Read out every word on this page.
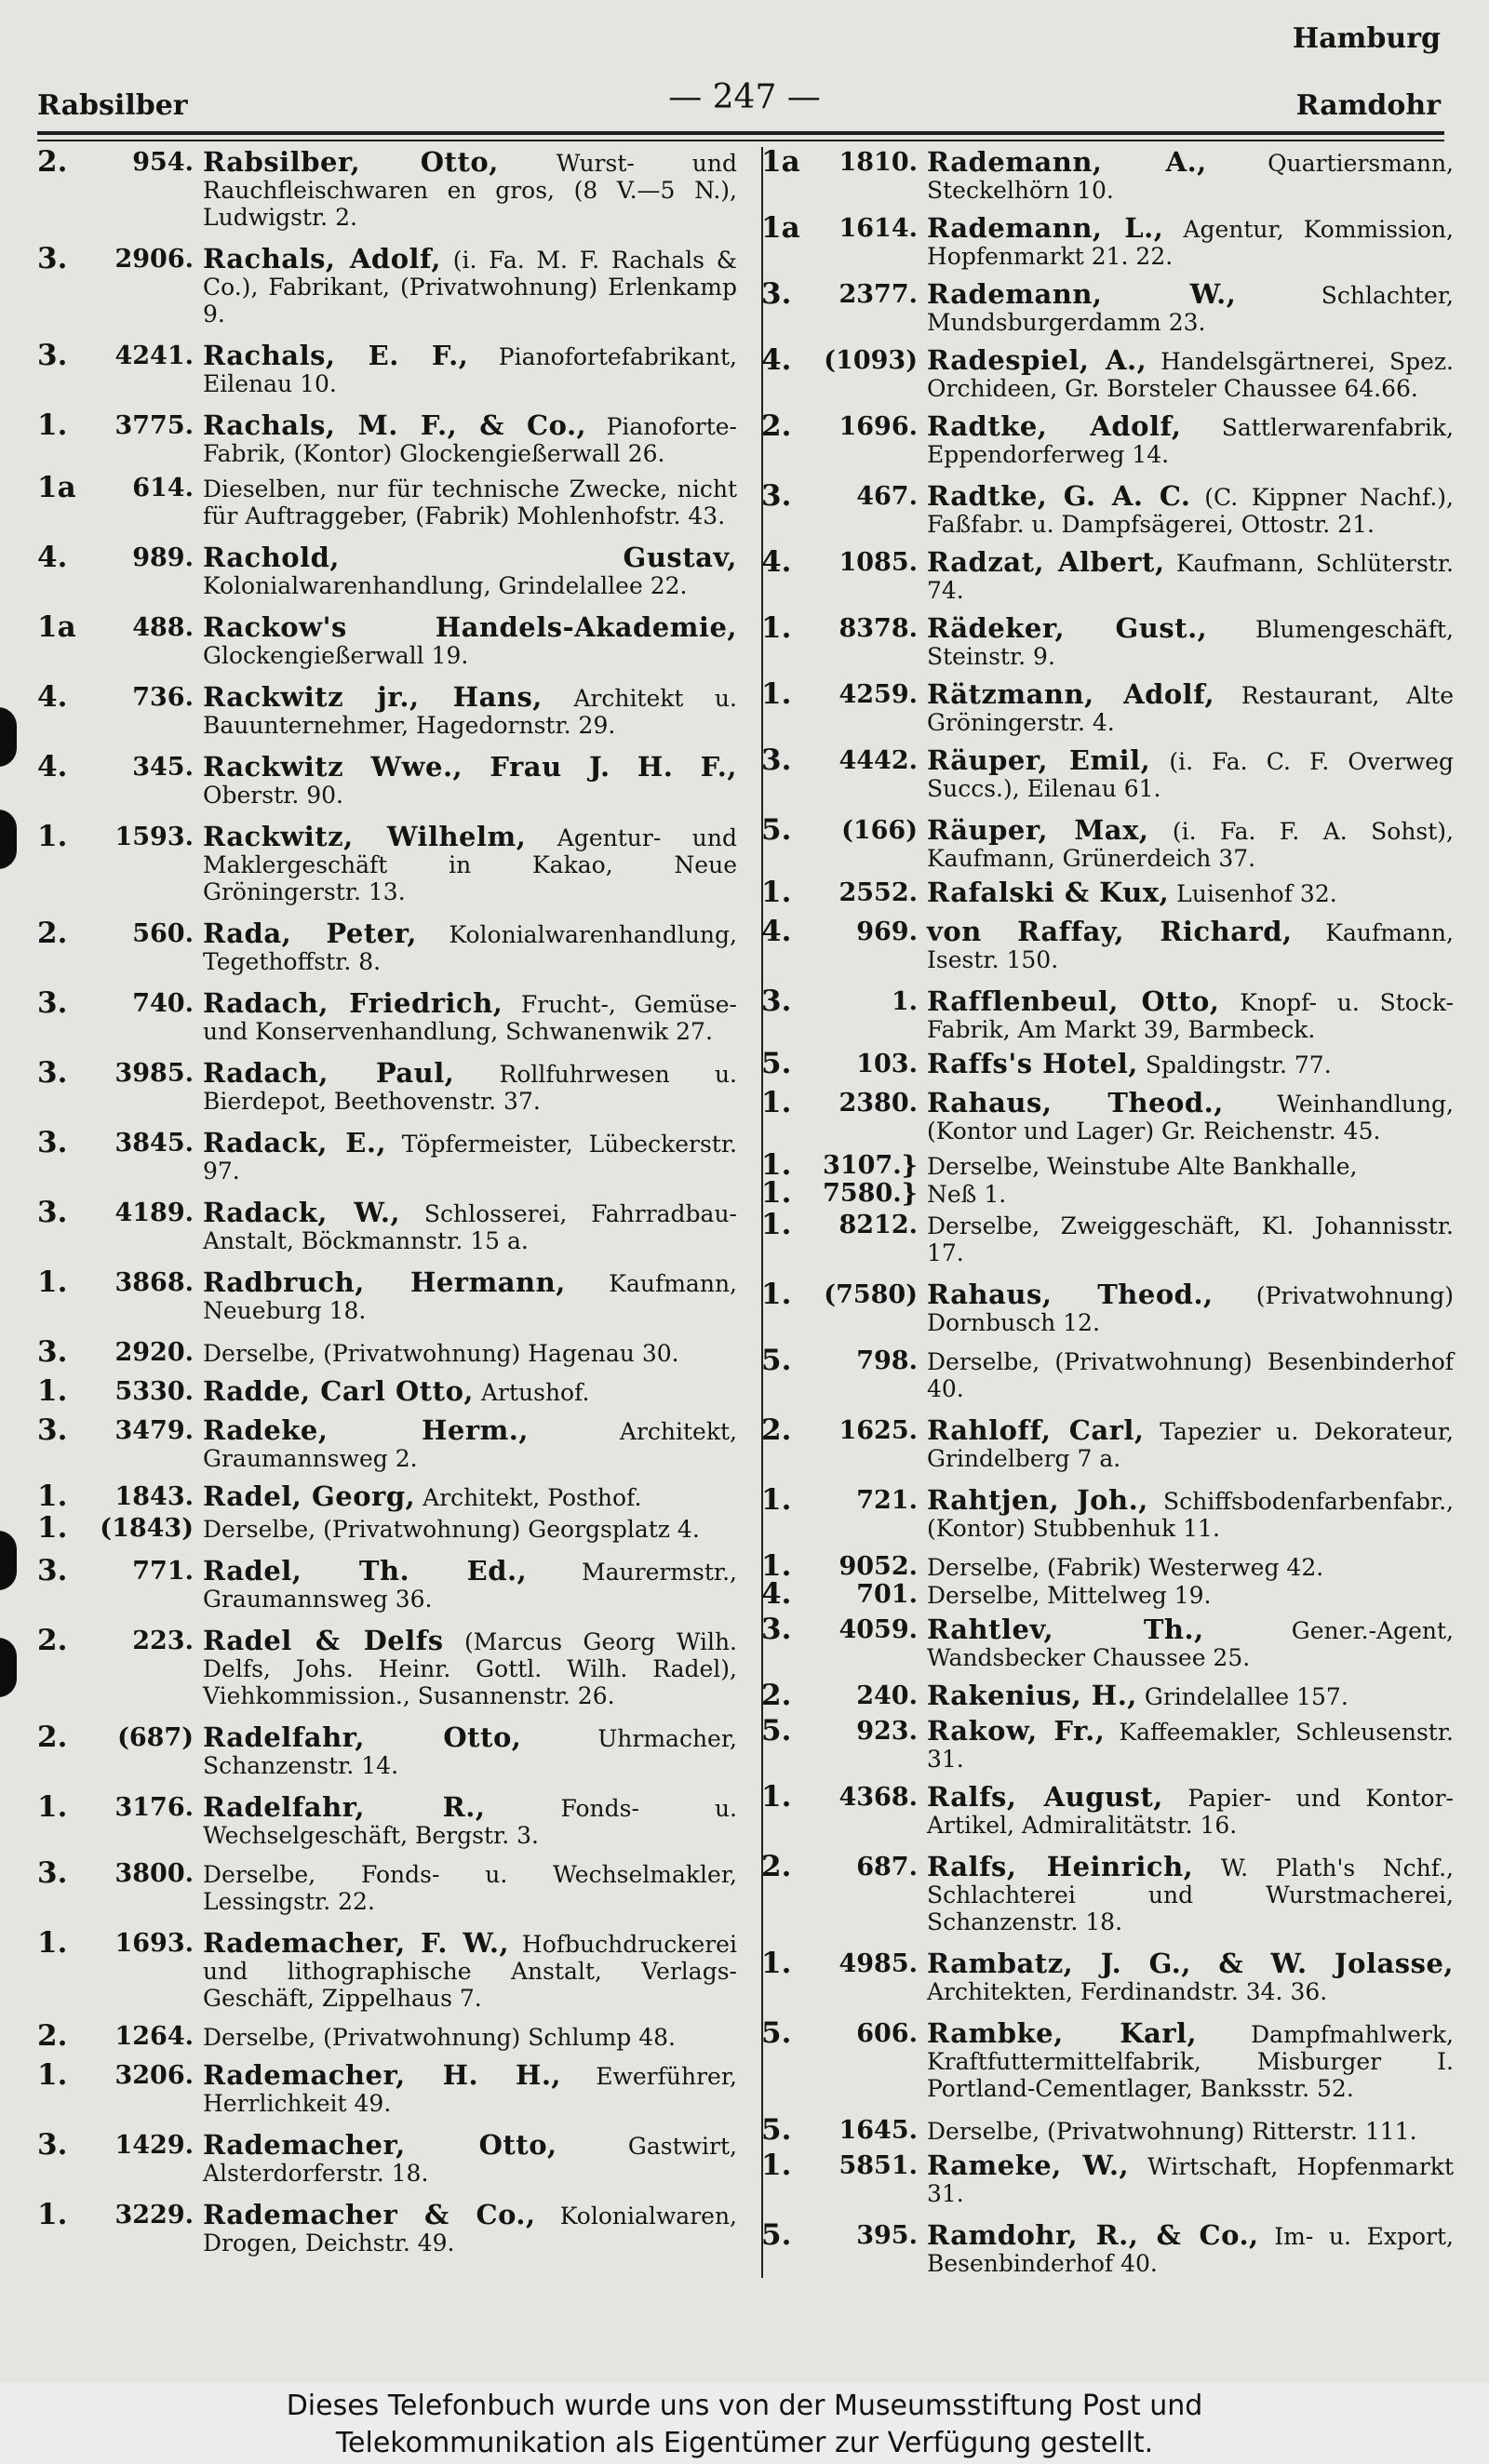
Hamburg
Rabsilber	— 247 —	Ramdohr
2.	954. Rabsilber, Otto, Wurst- und Rauchfleischwaren en gros, (8 V.—5 N.), Ludwigstr. 2.
3.	2906. Rachals, Adolf, (i. Fa. M. F. Rachals & Co.), Fabrikant, (Privatwohnung) Erlenkamp 9.
3.	4241. Rachals, E. F., Pianofortefabrikant, Eilenau 10.
1.	3775. Rachals, M. F., & Co., Pianoforte-Fabrik, (Kontor) Glockengießerwall 26.
1a	614. Dieselben, nur für technische Zwecke, nicht für Auftraggeber, (Fabrik) Mohlenhofstr. 43.
4.	989. Rachold, Gustav, Kolonialwarenhandlung, Grindelallee 22.
1a	488. Rackow's Handels-Akademie, Glockengießerwall 19.
4.	736. Rackwitz jr., Hans, Architekt u. Bauunternehmer, Hagedornstr. 29.
4.	345. Rackwitz Wwe., Frau J. H. F., Oberstr. 90.
1.	1593. Rackwitz, Wilhelm, Agentur- und Maklergeschäft in Kakao, Neue Gröningerstr. 13.
2.	560. Rada, Peter, Kolonialwarenhandlung, Tegethoffstr. 8.
3.	740. Radach, Friedrich, Frucht-, Gemüse- und Konservenhandlung, Schwanenwik 27.
3.	3985. Radach, Paul, Rollfuhrwesen u. Bierdepot, Beethovenstr. 37.
3.	3845. Radack, E., Töpfermeister, Lübeckerstr. 97.
3.	4189. Radack, W., Schlosserei, Fahrradbau-Anstalt, Böckmannstr. 15 a.
1.	3868. Radbruch, Hermann, Kaufmann, Neueburg 18.
3.	2920. Derselbe, (Privatwohnung) Hagenau 30.
1.	5330. Radde, Carl Otto, Artushof.
3.	3479. Radeke, Herm., Architekt, Graumannsweg 2.
1.	1843. Radel, Georg, Architekt, Posthof.
1.	(1843) Derselbe, (Privatwohnung) Georgsplatz 4.
3.	771. Radel, Th. Ed., Maurermstr., Graumannsweg 36.
2.	223. Radel & Delfs (Marcus Georg Wilh. Delfs, Johs. Heinr. Gottl. Wilh. Radel), Viehkommission., Susannenstr. 26.
2.	(687) Radelfahr, Otto, Uhrmacher, Schanzenstr. 14.
1.	3176. Radelfahr, R., Fonds- u. Wechselgeschäft, Bergstr. 3.
3.	3800. Derselbe, Fonds- u. Wechselmakler, Lessingstr. 22.
1.	1693. Rademacher, F. W., Hofbuchdruckerei und lithographische Anstalt, Verlags-Geschäft, Zippelhaus 7.
2.	1264. Derselbe, (Privatwohnung) Schlump 48.
1.	3206. Rademacher, H. H., Ewerführer, Herrlichkeit 49.
3.	1429. Rademacher, Otto, Gastwirt, Alsterdorferstr. 18.
1.	3229. Rademacher & Co., Kolonialwaren, Drogen, Deichstr. 49.
1a	1810. Rademann, A., Quartiersmann, Steckelhörn 10.
1a	1614. Rademann, L., Agentur, Kommission, Hopfenmarkt 21. 22.
3.	2377. Rademann, W., Schlachter, Mundsburgerdamm 23.
4.	(1093) Radespiel, A., Handelsgärtnerei, Spez. Orchideen, Gr. Borsteler Chaussee 64.66.
2.	1696. Radtke, Adolf, Sattlerwarenfabrik, Eppendorferweg 14.
3.	467. Radtke, G. A. C. (C. Kippner Nachf.), Faßfabr. u. Dampfsägerei, Ottostr. 21.
4.	1085. Radzat, Albert, Kaufmann, Schlüterstr. 74.
1.	8378. Rädeker, Gust., Blumengeschäft, Steinstr. 9.
1.	4259. Rätzmann, Adolf, Restaurant, Alte Gröningerstr. 4.
3.	4442. Räuper, Emil, (i. Fa. C. F. Overweg Succs.), Eilenau 61.
5.	(166) Räuper, Max, (i. Fa. F. A. Sohst), Kaufmann, Grünerdeich 37.
1.	2552. Rafalski & Kux, Luisenhof 32.
4.	969. von Raffay, Richard, Kaufmann, Isestr. 150.
3.	1. Rafflenbeul, Otto, Knopf- u. Stock-Fabrik, Am Markt 39, Barmbeck.
5.	103. Raffs's Hotel, Spaldingstr. 77.
1.	2380. Rahaus, Theod., Weinhandlung, (Kontor und Lager) Gr. Reichenstr. 45.
1.	3107.} Derselbe, Weinstube Alte Bankhalle,
1.	7580.} Neß 1.
1.	8212. Derselbe, Zweiggeschäft, Kl. Johannisstr. 17.
1.	(7580) Rahaus, Theod., (Privatwohnung) Dornbusch 12.
5.	798. Derselbe, (Privatwohnung) Besenbinderhof 40.
2.	1625. Rahloff, Carl, Tapezier u. Dekorateur, Grindelberg 7 a.
1.	721. Rahtjen, Joh., Schiffsbodenfarbenfabr., (Kontor) Stubbenhuk 11.
1.	9052. Derselbe, (Fabrik) Westerweg 42.
4.	701. Derselbe, Mittelweg 19.
3.	4059. Rahtlev, Th., Gener.-Agent, Wandsbecker Chaussee 25.
2.	240. Rakenius, H., Grindelallee 157.
5.	923. Rakow, Fr., Kaffeemakler, Schleusenstr. 31.
1.	4368. Ralfs, August, Papier- und Kontor-Artikel, Admiralitätstr. 16.
2.	687. Ralfs, Heinrich, W. Plath's Nchf., Schlachterei und Wurstmacherei, Schanzenstr. 18.
1.	4985. Rambatz, J. G., & W. Jolasse, Architekten, Ferdinandstr. 34. 36.
5.	606. Rambke, Karl, Dampfmahlwerk, Kraftfuttermittelfabrik, Misburger I. Portland-Cementlager, Banksstr. 52.
5.	1645. Derselbe, (Privatwohnung) Ritterstr. 111.
1.	5851. Rameke, W., Wirtschaft, Hopfenmarkt 31.
5.	395. Ramdohr, R., & Co., Im- u. Export, Besenbinderhof 40.
Dieses Telefonbuch wurde uns von der Museumsstiftung Post und
Telekommunikation als Eigentümer zur Verfügung gestellt.
